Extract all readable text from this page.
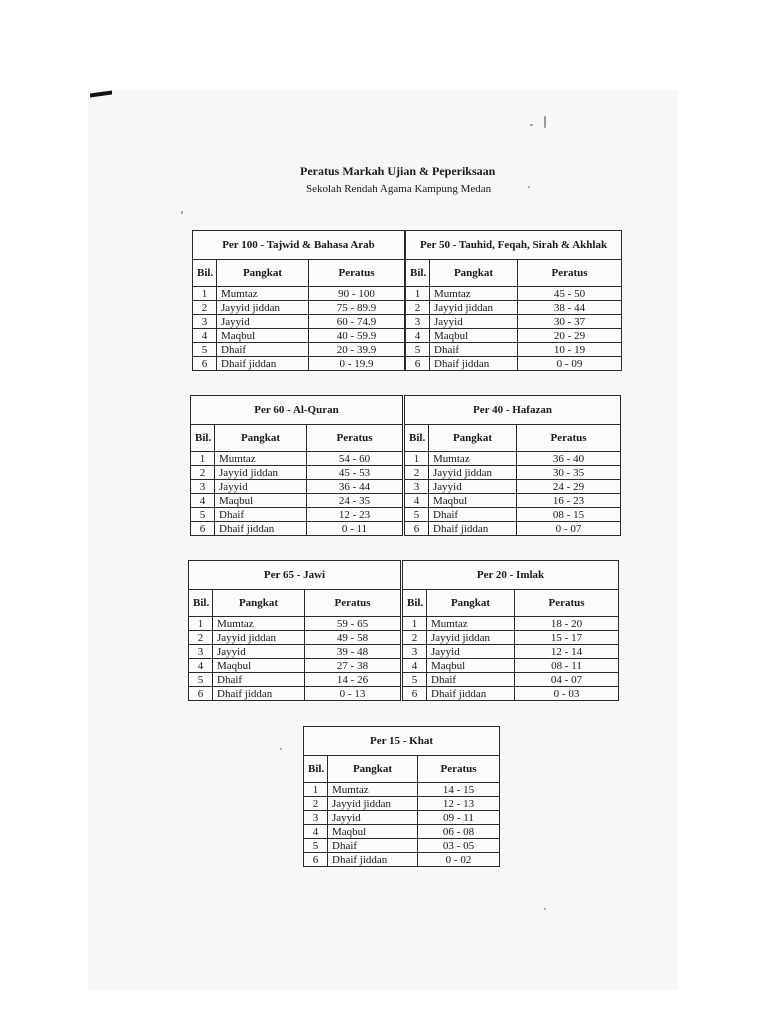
Peratus Markah Ujian & Peperiksaan
Sekolah Rendah Agama Kampung Medan
Per 100 - Tajwid & Bahasa Arab		
Bil.	Pangkat	Peratus
1	Mumtaz	90 - 100
2	Jayyid jiddan	75 - 89.9
3	Jayyid	60 - 74.9
4	Maqbul	40 - 59.9
5	Dhaif	20 - 39.9
6	Dhaif jiddan	0 - 19.9
Per 50 - Tauhid, Feqah, Sirah & Akhlak		
Bil.	Pangkat	Peratus
1	Mumtaz	45 - 50
2	Jayyid jiddan	38 - 44
3	Jayyid	30 - 37
4	Maqbul	20 - 29
5	Dhaif	10 - 19
6	Dhaif jiddan	0 - 09
Per 60 - Al-Quran		
Bil.	Pangkat	Peratus
1	Mumtaz	54 - 60
2	Jayyid jiddan	45 - 53
3	Jayyid	36 - 44
4	Maqbul	24 - 35
5	Dhaif	12 - 23
6	Dhaif jiddan	0 - 11
Per 40 - Hafazan		
Bil.	Pangkat	Peratus
1	Mumtaz	36 - 40
2	Jayyid jiddan	30 - 35
3	Jayyid	24 - 29
4	Maqbul	16 - 23
5	Dhaif	08 - 15
6	Dhaif jiddan	0 - 07
Per 65 - Jawi		
Bil.	Pangkat	Peratus
1	Mumtaz	59 - 65
2	Jayyid jiddan	49 - 58
3	Jayyid	39 - 48
4	Maqbul	27 - 38
5	Dhaif	14 - 26
6	Dhaif jiddan	0 - 13
Per 20 - Imlak		
Bil.	Pangkat	Peratus
1	Mumtaz	18 - 20
2	Jayyid jiddan	15 - 17
3	Jayyid	12 - 14
4	Maqbul	08 - 11
5	Dhaif	04 - 07
6	Dhaif jiddan	0 - 03
Per 15 - Khat		
Bil.	Pangkat	Peratus
1	Mumtaz	14 - 15
2	Jayyid jiddan	12 - 13
3	Jayyid	09 - 11
4	Maqbul	06 - 08
5	Dhaif	03 - 05
6	Dhaif jiddan	0 - 02
